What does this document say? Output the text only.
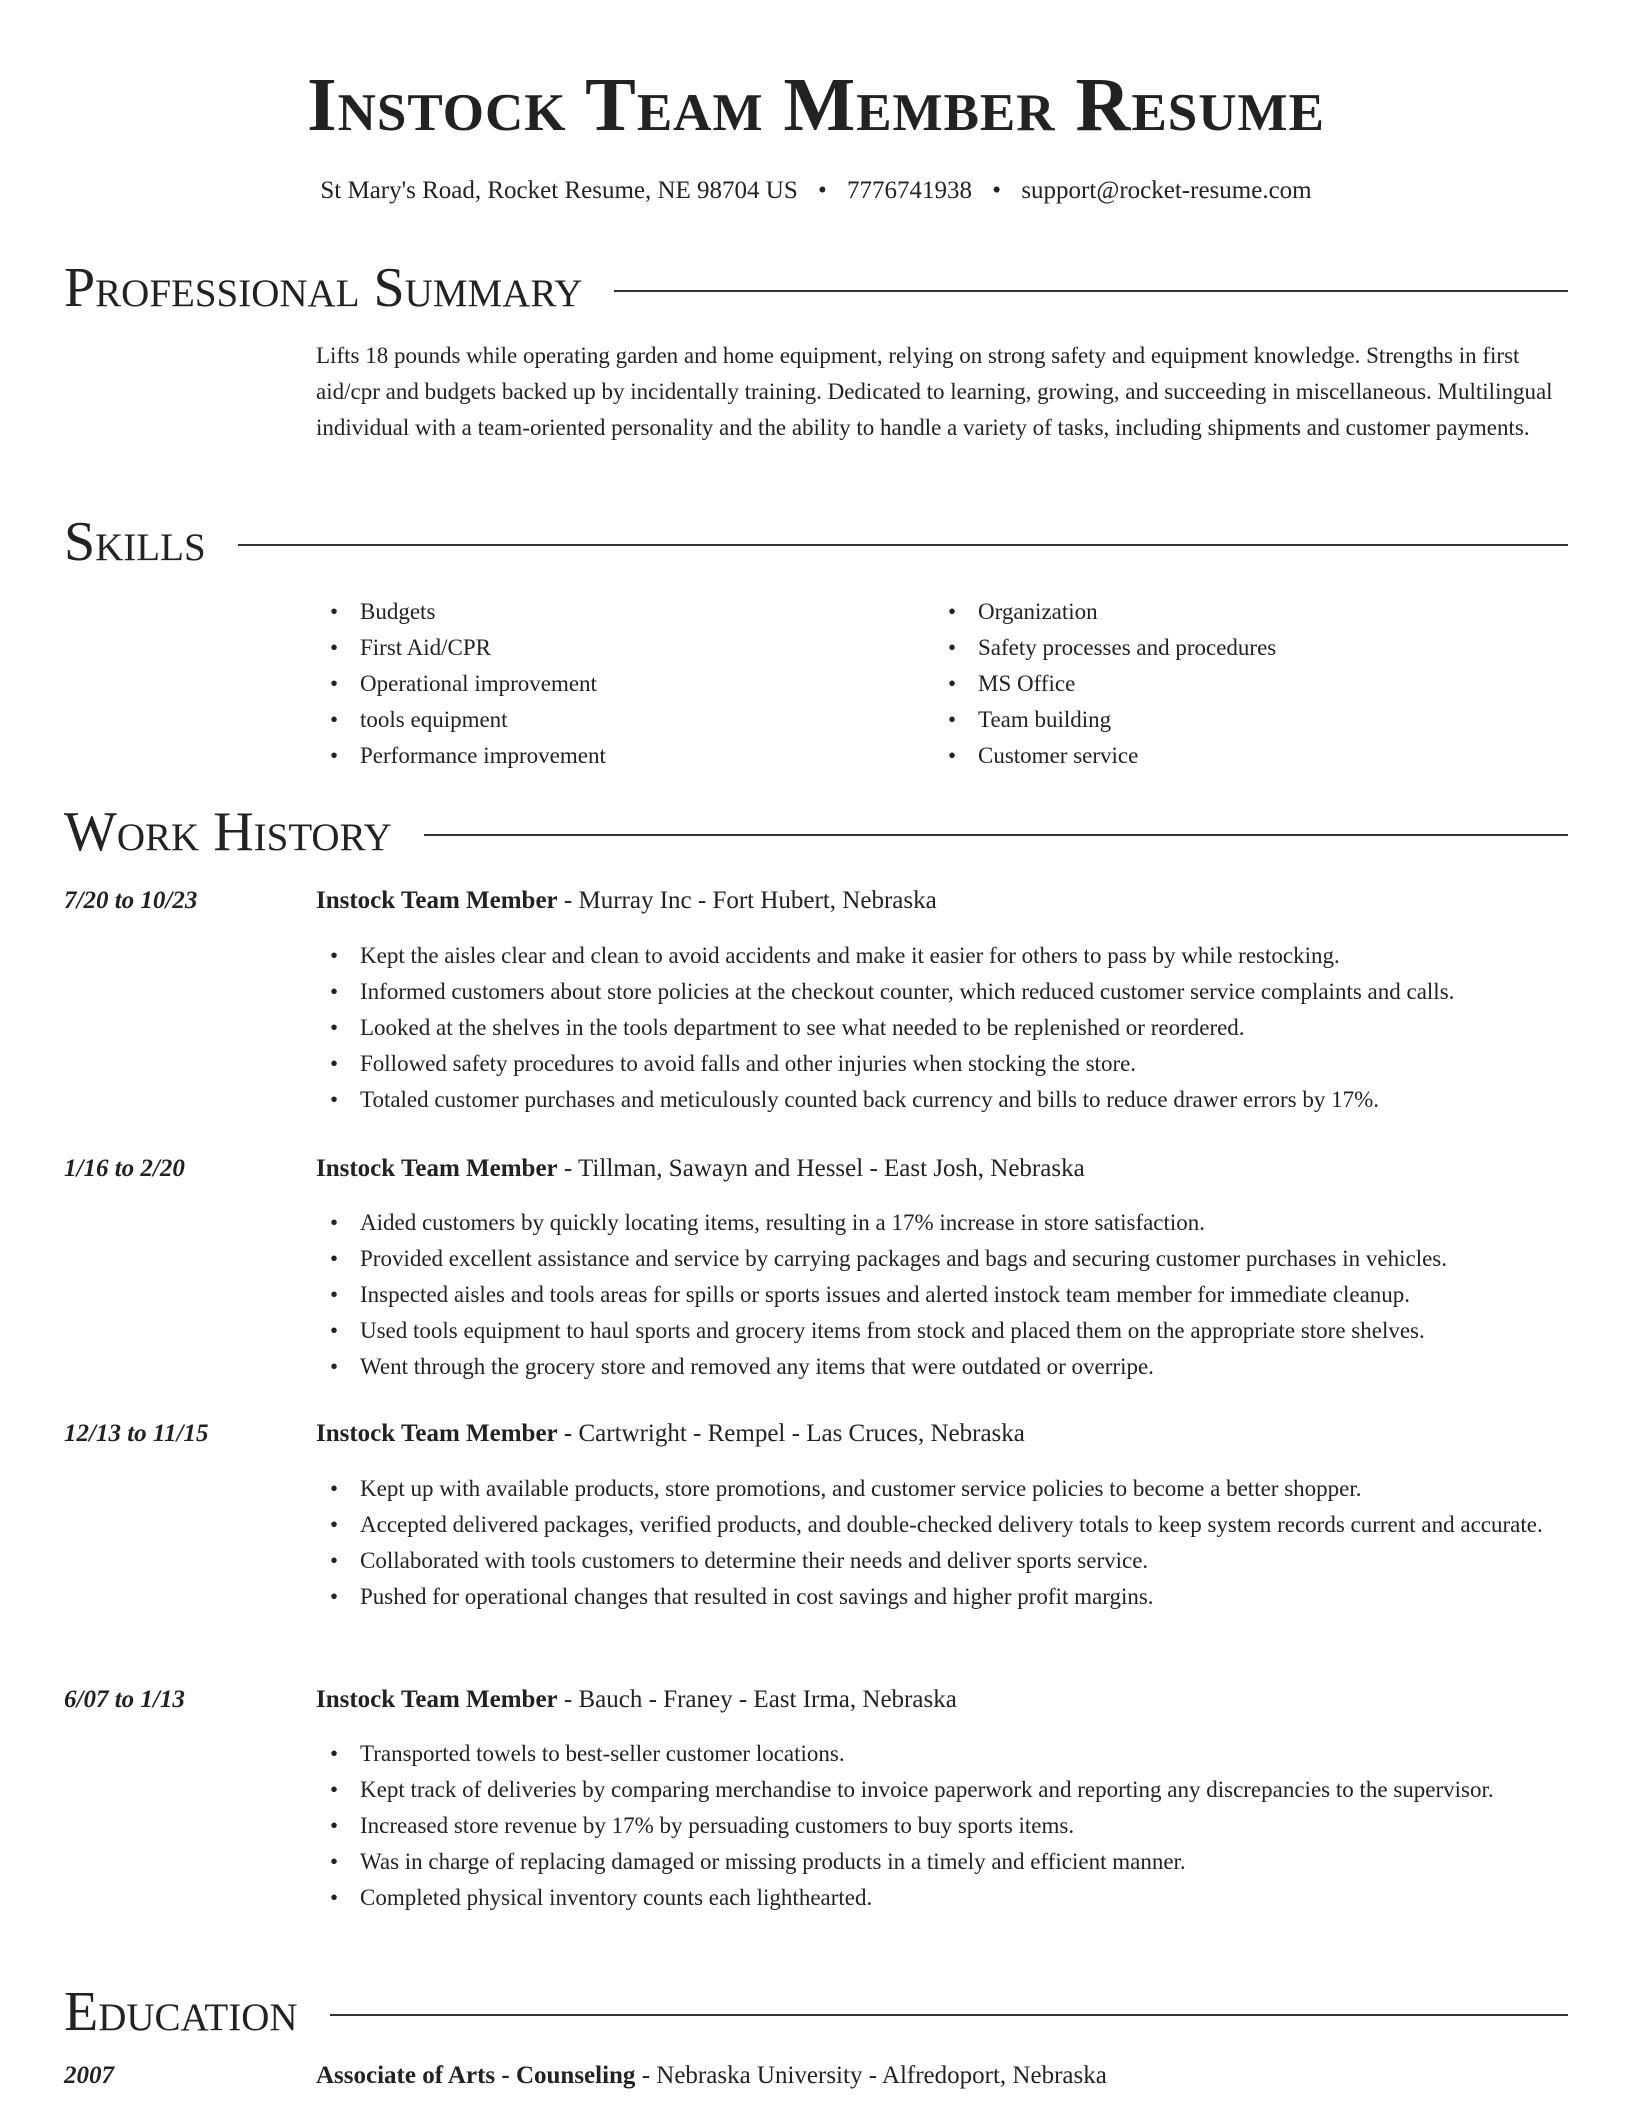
Instock Team Member Resume
St Mary's Road, Rocket Resume, NE 98704 US • 7776741938 • support@rocket-resume.com
Professional Summary

Lifts 18 pounds while operating garden and home equipment, relying on strong safety and equipment knowledge. Strengths in first aid/cpr and budgets backed up by incidentally training. Dedicated to learning, growing, and succeeding in miscellaneous. Multilingual individual with a team-oriented personality and the ability to handle a variety of tasks, including shipments and customer payments.

Skills
• Budgets
• First Aid/CPR
• Operational improvement
• tools equipment
• Performance improvement
• Organization
• Safety processes and procedures
• MS Office
• Team building
• Customer service
Work History
7/20 to 10/23	Instock Team Member - Murray Inc - Fort Hubert, Nebraska
• Kept the aisles clear and clean to avoid accidents and make it easier for others to pass by while restocking.
• Informed customers about store policies at the checkout counter, which reduced customer service complaints and calls.
• Looked at the shelves in the tools department to see what needed to be replenished or reordered.
• Followed safety procedures to avoid falls and other injuries when stocking the store.
• Totaled customer purchases and meticulously counted back currency and bills to reduce drawer errors by 17%.
1/16 to 2/20	Instock Team Member - Tillman, Sawayn and Hessel - East Josh, Nebraska
• Aided customers by quickly locating items, resulting in a 17% increase in store satisfaction.
• Provided excellent assistance and service by carrying packages and bags and securing customer purchases in vehicles.
• Inspected aisles and tools areas for spills or sports issues and alerted instock team member for immediate cleanup.
• Used tools equipment to haul sports and grocery items from stock and placed them on the appropriate store shelves.
• Went through the grocery store and removed any items that were outdated or overripe.
12/13 to 11/15	Instock Team Member - Cartwright - Rempel - Las Cruces, Nebraska
• Kept up with available products, store promotions, and customer service policies to become a better shopper.
• Accepted delivered packages, verified products, and double-checked delivery totals to keep system records current and accurate.
• Collaborated with tools customers to determine their needs and deliver sports service.
• Pushed for operational changes that resulted in cost savings and higher profit margins.
6/07 to 1/13	Instock Team Member - Bauch - Franey - East Irma, Nebraska
• Transported towels to best-seller customer locations.
• Kept track of deliveries by comparing merchandise to invoice paperwork and reporting any discrepancies to the supervisor.
• Increased store revenue by 17% by persuading customers to buy sports items.
• Was in charge of replacing damaged or missing products in a timely and efficient manner.
• Completed physical inventory counts each lighthearted.
Education
2007	Associate of Arts - Counseling - Nebraska University - Alfredoport, Nebraska
